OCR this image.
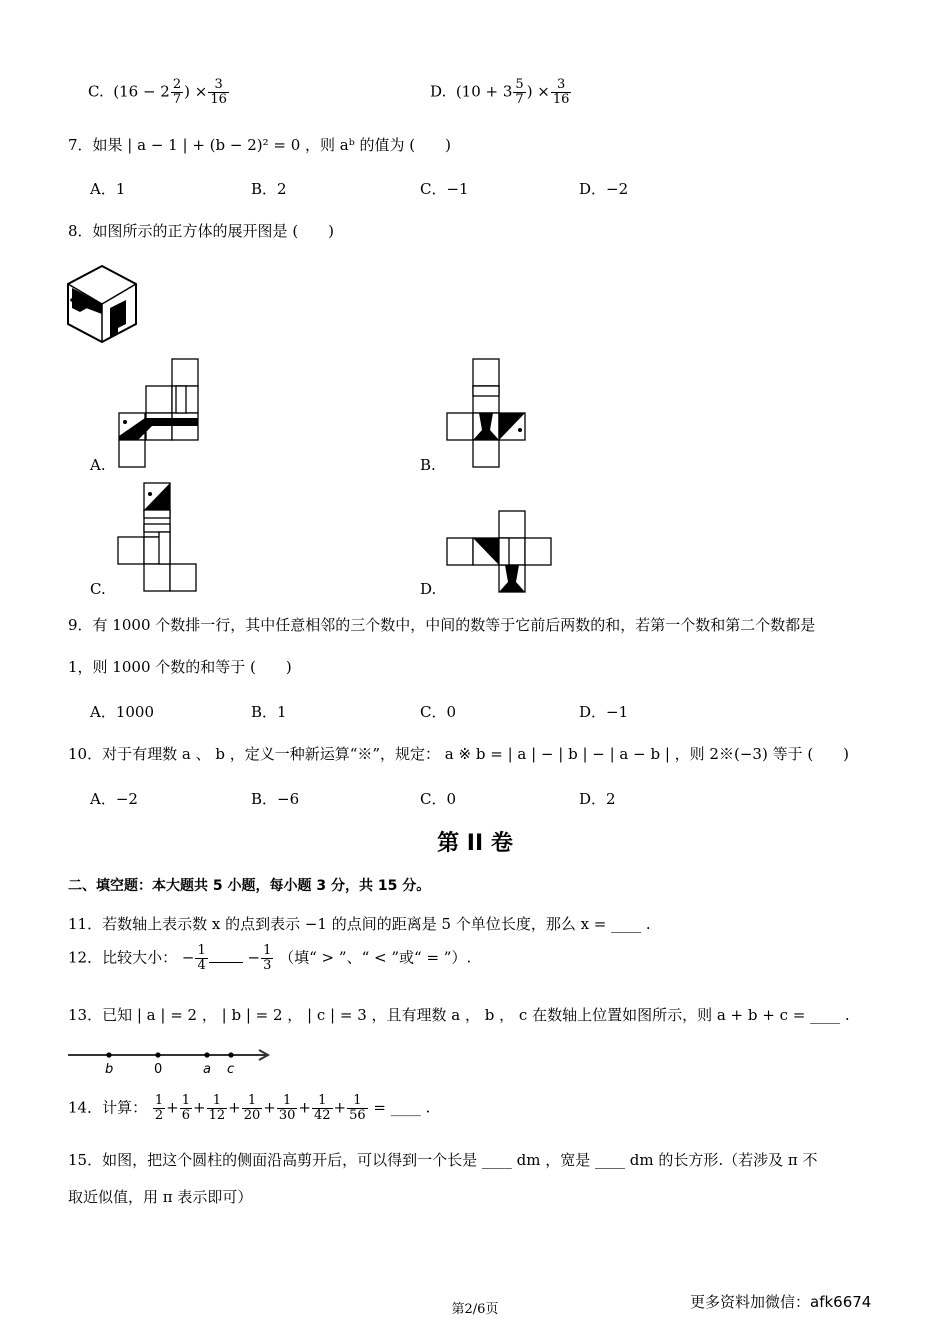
C. ($16 - 2 \frac{2}{7}$ ) × $\frac{3}{16}$	D. ($10 + 3 \frac{5}{7}$ ) × $\frac{3}{16}$
7．如果 | a − 1 | + (b − 2)² = 0 ，则 aᵇ 的值为 (　　)
A．1	B．2	C．−1	D．−2
8．如图所示的正方体的展开图是 (　　)
A.	B.
C.	D.
9．有 1000 个数排一行，其中任意相邻的三个数中，中间的数等于它前后两数的和，若第一个数和第二个数都是
1，则 1000 个数的和等于 (　　)
A．1000	B．1	C．0	D．−1
10．对于有理数 a 、 b ，定义一种新运算“※”，规定： a ※ b = | a | − | b | − | a − b | ，则 2※(−3) 等于 (　　)
A．−2	B．−6	C．0	D．2
第 II 卷
二、填空题：本大题共 5 小题，每小题 3 分，共 15 分。
11．若数轴上表示数 x 的点到表示 −1 的点间的距离是 5 个单位长度，那么 x = ____ .
12．比较大小： − $\frac{1}{4} - \frac{1}{3}$ （填“ > ”、“ < ”或“ = ”）.
13．已知 | a | = 2 ， | b | = 2 ， | c | = 3 ，且有理数 a ， b ， c 在数轴上位置如图所示，则 a + b + c = ____ .
b	0	a c
14．计算： $\frac{1}{2} + \frac{1}{6} + \frac{1}{12} + \frac{1}{20} + \frac{1}{30} + \frac{1}{42} + \frac{1}{56}$ = ____ .
15．如图，把这个圆柱的侧面沿高剪开后，可以得到一个长是 ____ dm ，宽是 ____ dm 的长方形.（若涉及 π 不
取近似值，用 π 表示即可）
第2/6页	更多资料加微信：afk6674
